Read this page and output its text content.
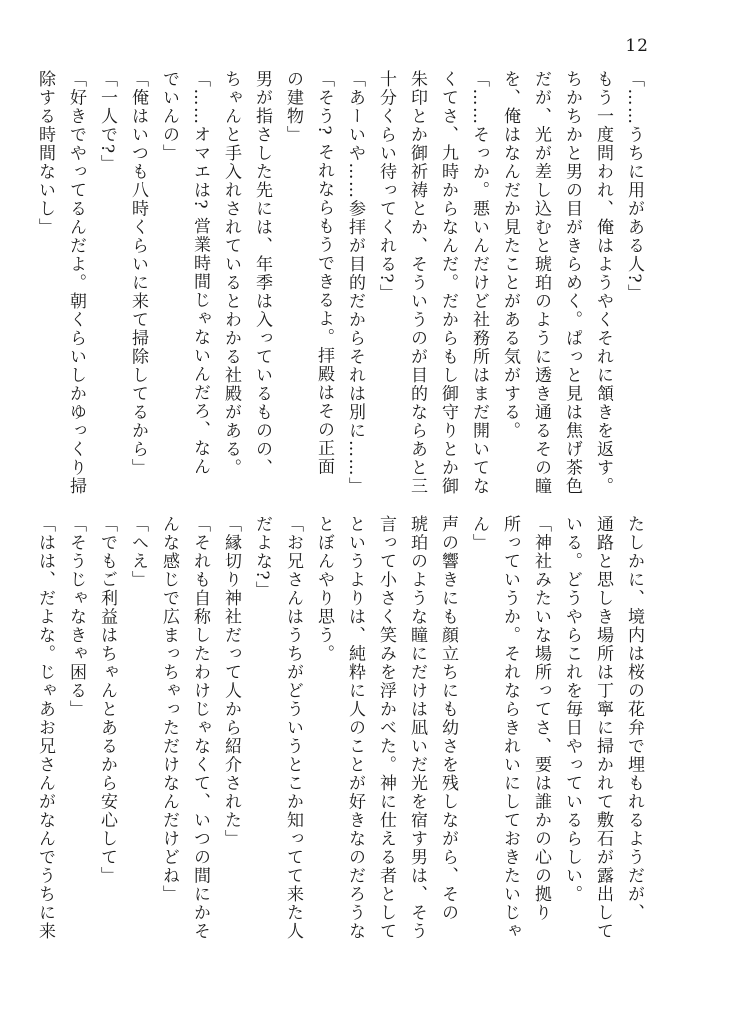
12
「……うちに用がある人?」
もう一度問われ、俺はようやくそれに頷きを返す。
ちかちかと男の目がきらめく。ぱっと見は焦げ茶色
だが、光が差し込むと琥珀のように透き通るその瞳
を、俺はなんだか見たことがある気がする。
「……そっか。悪いんだけど社務所はまだ開いてな
くてさ、九時からなんだ。だからもし御守りとか御
朱印とか御祈祷とか、そういうのが目的ならあと三
十分くらい待ってくれる?」
「あーいや……参拝が目的だからそれは別に……」
「そう? それならもうできるよ。拝殿はその正面
の建物」
男が指さした先には、年季は入っているものの、
ちゃんと手入れされているとわかる社殿がある。
「……オマエは? 営業時間じゃないんだろ、なん
でいんの」
「俺はいつも八時くらいに来て掃除してるから」
「一人で?」
「好きでやってるんだよ。朝くらいしかゆっくり掃
除する時間ないし」
たしかに、境内は桜の花弁で埋もれるようだが、
通路と思しき場所は丁寧に掃かれて敷石が露出して
いる。どうやらこれを毎日やっているらしい。
「神社みたいな場所ってさ、要は誰かの心の拠り
所っていうか。それならきれいにしておきたいじゃ
ん」
声の響きにも顔立ちにも幼さを残しながら、その
琥珀のような瞳にだけは凪いだ光を宿す男は、そう
言って小さく笑みを浮かべた。神に仕える者として
というよりは、純粋に人のことが好きなのだろうな
とぼんやり思う。
「お兄さんはうちがどういうとこか知ってて来た人
だよな?」
「縁切り神社だって人から紹介された」
「それも自称したわけじゃなくて、いつの間にかそ
んな感じで広まっちゃっただけなんだけどね」
「へえ」
「でもご利益はちゃんとあるから安心して」
「そうじゃなきゃ困る」
「はは、だよな。じゃあお兄さんがなんでうちに来
